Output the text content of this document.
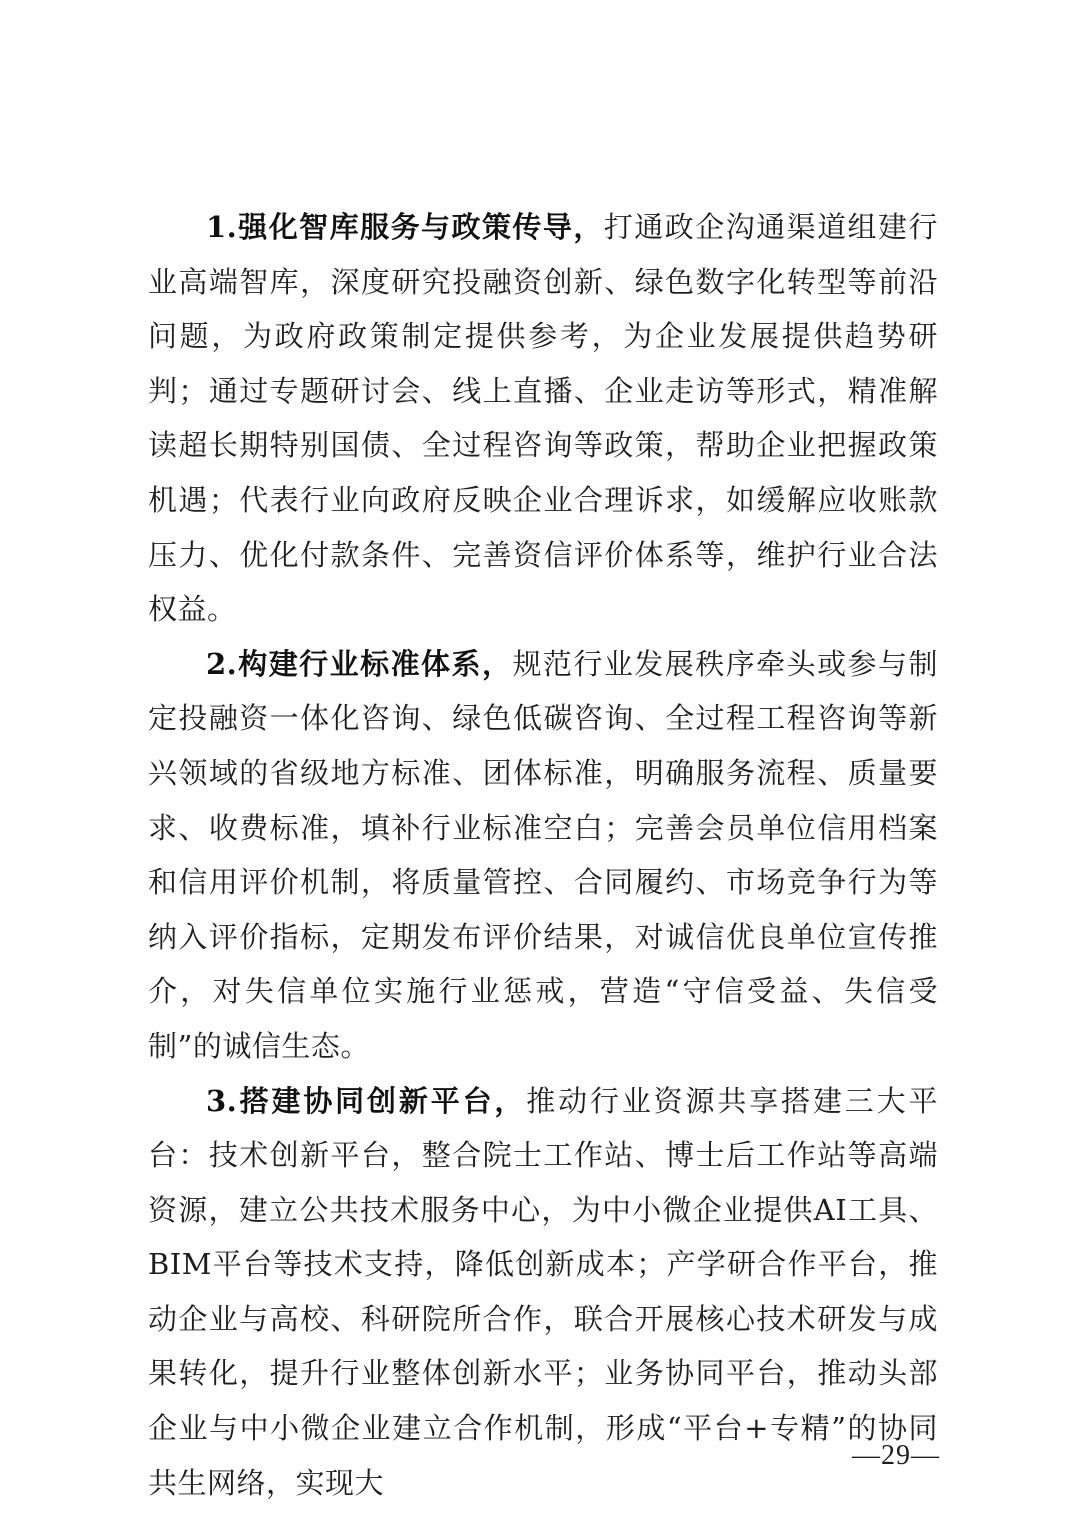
1.强化智库服务与政策传导，打通政企沟通渠道组建行业高端智库，深度研究投融资创新、绿色数字化转型等前沿问题，为政府政策制定提供参考，为企业发展提供趋势研判；通过专题研讨会、线上直播、企业走访等形式，精准解读超长期特别国债、全过程咨询等政策，帮助企业把握政策机遇；代表行业向政府反映企业合理诉求，如缓解应收账款压力、优化付款条件、完善资信评价体系等，维护行业合法权益。

2.构建行业标准体系，规范行业发展秩序牵头或参与制定投融资一体化咨询、绿色低碳咨询、全过程工程咨询等新兴领域的省级地方标准、团体标准，明确服务流程、质量要求、收费标准，填补行业标准空白；完善会员单位信用档案和信用评价机制，将质量管控、合同履约、市场竞争行为等纳入评价指标，定期发布评价结果，对诚信优良单位宣传推介，对失信单位实施行业惩戒，营造“守信受益、失信受制”的诚信生态。

3.搭建协同创新平台，推动行业资源共享搭建三大平台：技术创新平台，整合院士工作站、博士后工作站等高端资源，建立公共技术服务中心，为中小微企业提供AI工具、BIM平台等技术支持，降低创新成本；产学研合作平台，推动企业与高校、科研院所合作，联合开展核心技术研发与成果转化，提升行业整体创新水平；业务协同平台，推动头部企业与中小微企业建立合作机制，形成“平台+专精”的协同共生网络，实现大

—29—
